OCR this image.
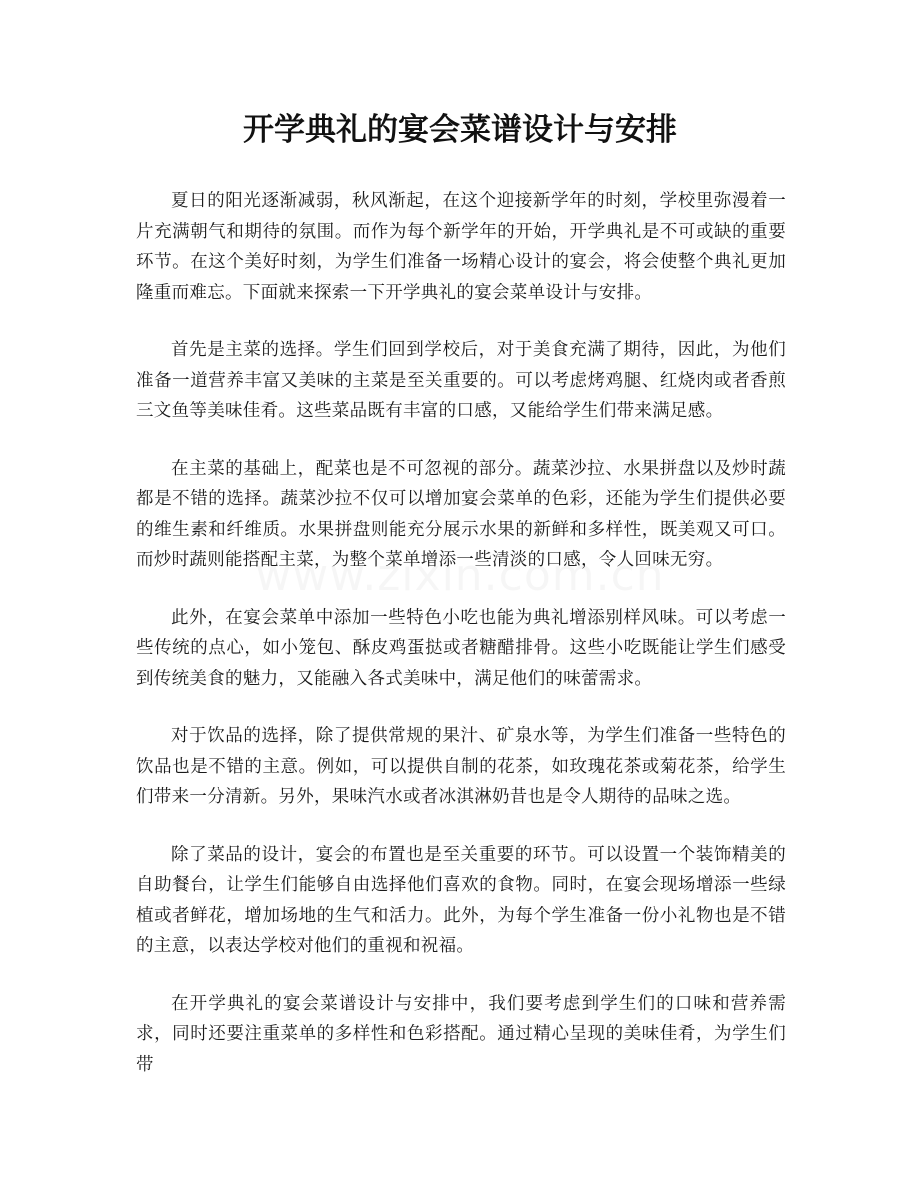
开学典礼的宴会菜谱设计与安排

夏日的阳光逐渐减弱，秋风渐起，在这个迎接新学年的时刻，学校里弥漫着一片充满朝气和期待的氛围。而作为每个新学年的开始，开学典礼是不可或缺的重要环节。在这个美好时刻，为学生们准备一场精心设计的宴会，将会使整个典礼更加隆重而难忘。下面就来探索一下开学典礼的宴会菜单设计与安排。

首先是主菜的选择。学生们回到学校后，对于美食充满了期待，因此，为他们准备一道营养丰富又美味的主菜是至关重要的。可以考虑烤鸡腿、红烧肉或者香煎三文鱼等美味佳肴。这些菜品既有丰富的口感，又能给学生们带来满足感。

在主菜的基础上，配菜也是不可忽视的部分。蔬菜沙拉、水果拼盘以及炒时蔬都是不错的选择。蔬菜沙拉不仅可以增加宴会菜单的色彩，还能为学生们提供必要的维生素和纤维质。水果拼盘则能充分展示水果的新鲜和多样性，既美观又可口。而炒时蔬则能搭配主菜，为整个菜单增添一些清淡的口感，令人回味无穷。

此外，在宴会菜单中添加一些特色小吃也能为典礼增添别样风味。可以考虑一些传统的点心，如小笼包、酥皮鸡蛋挞或者糖醋排骨。这些小吃既能让学生们感受到传统美食的魅力，又能融入各式美味中，满足他们的味蕾需求。

对于饮品的选择，除了提供常规的果汁、矿泉水等，为学生们准备一些特色的饮品也是不错的主意。例如，可以提供自制的花茶，如玫瑰花茶或菊花茶，给学生们带来一分清新。另外，果味汽水或者冰淇淋奶昔也是令人期待的品味之选。

除了菜品的设计，宴会的布置也是至关重要的环节。可以设置一个装饰精美的自助餐台，让学生们能够自由选择他们喜欢的食物。同时，在宴会现场增添一些绿植或者鲜花，增加场地的生气和活力。此外，为每个学生准备一份小礼物也是不错的主意，以表达学校对他们的重视和祝福。

在开学典礼的宴会菜谱设计与安排中，我们要考虑到学生们的口味和营养需求，同时还要注重菜单的多样性和色彩搭配。通过精心呈现的美味佳肴，为学生们带
